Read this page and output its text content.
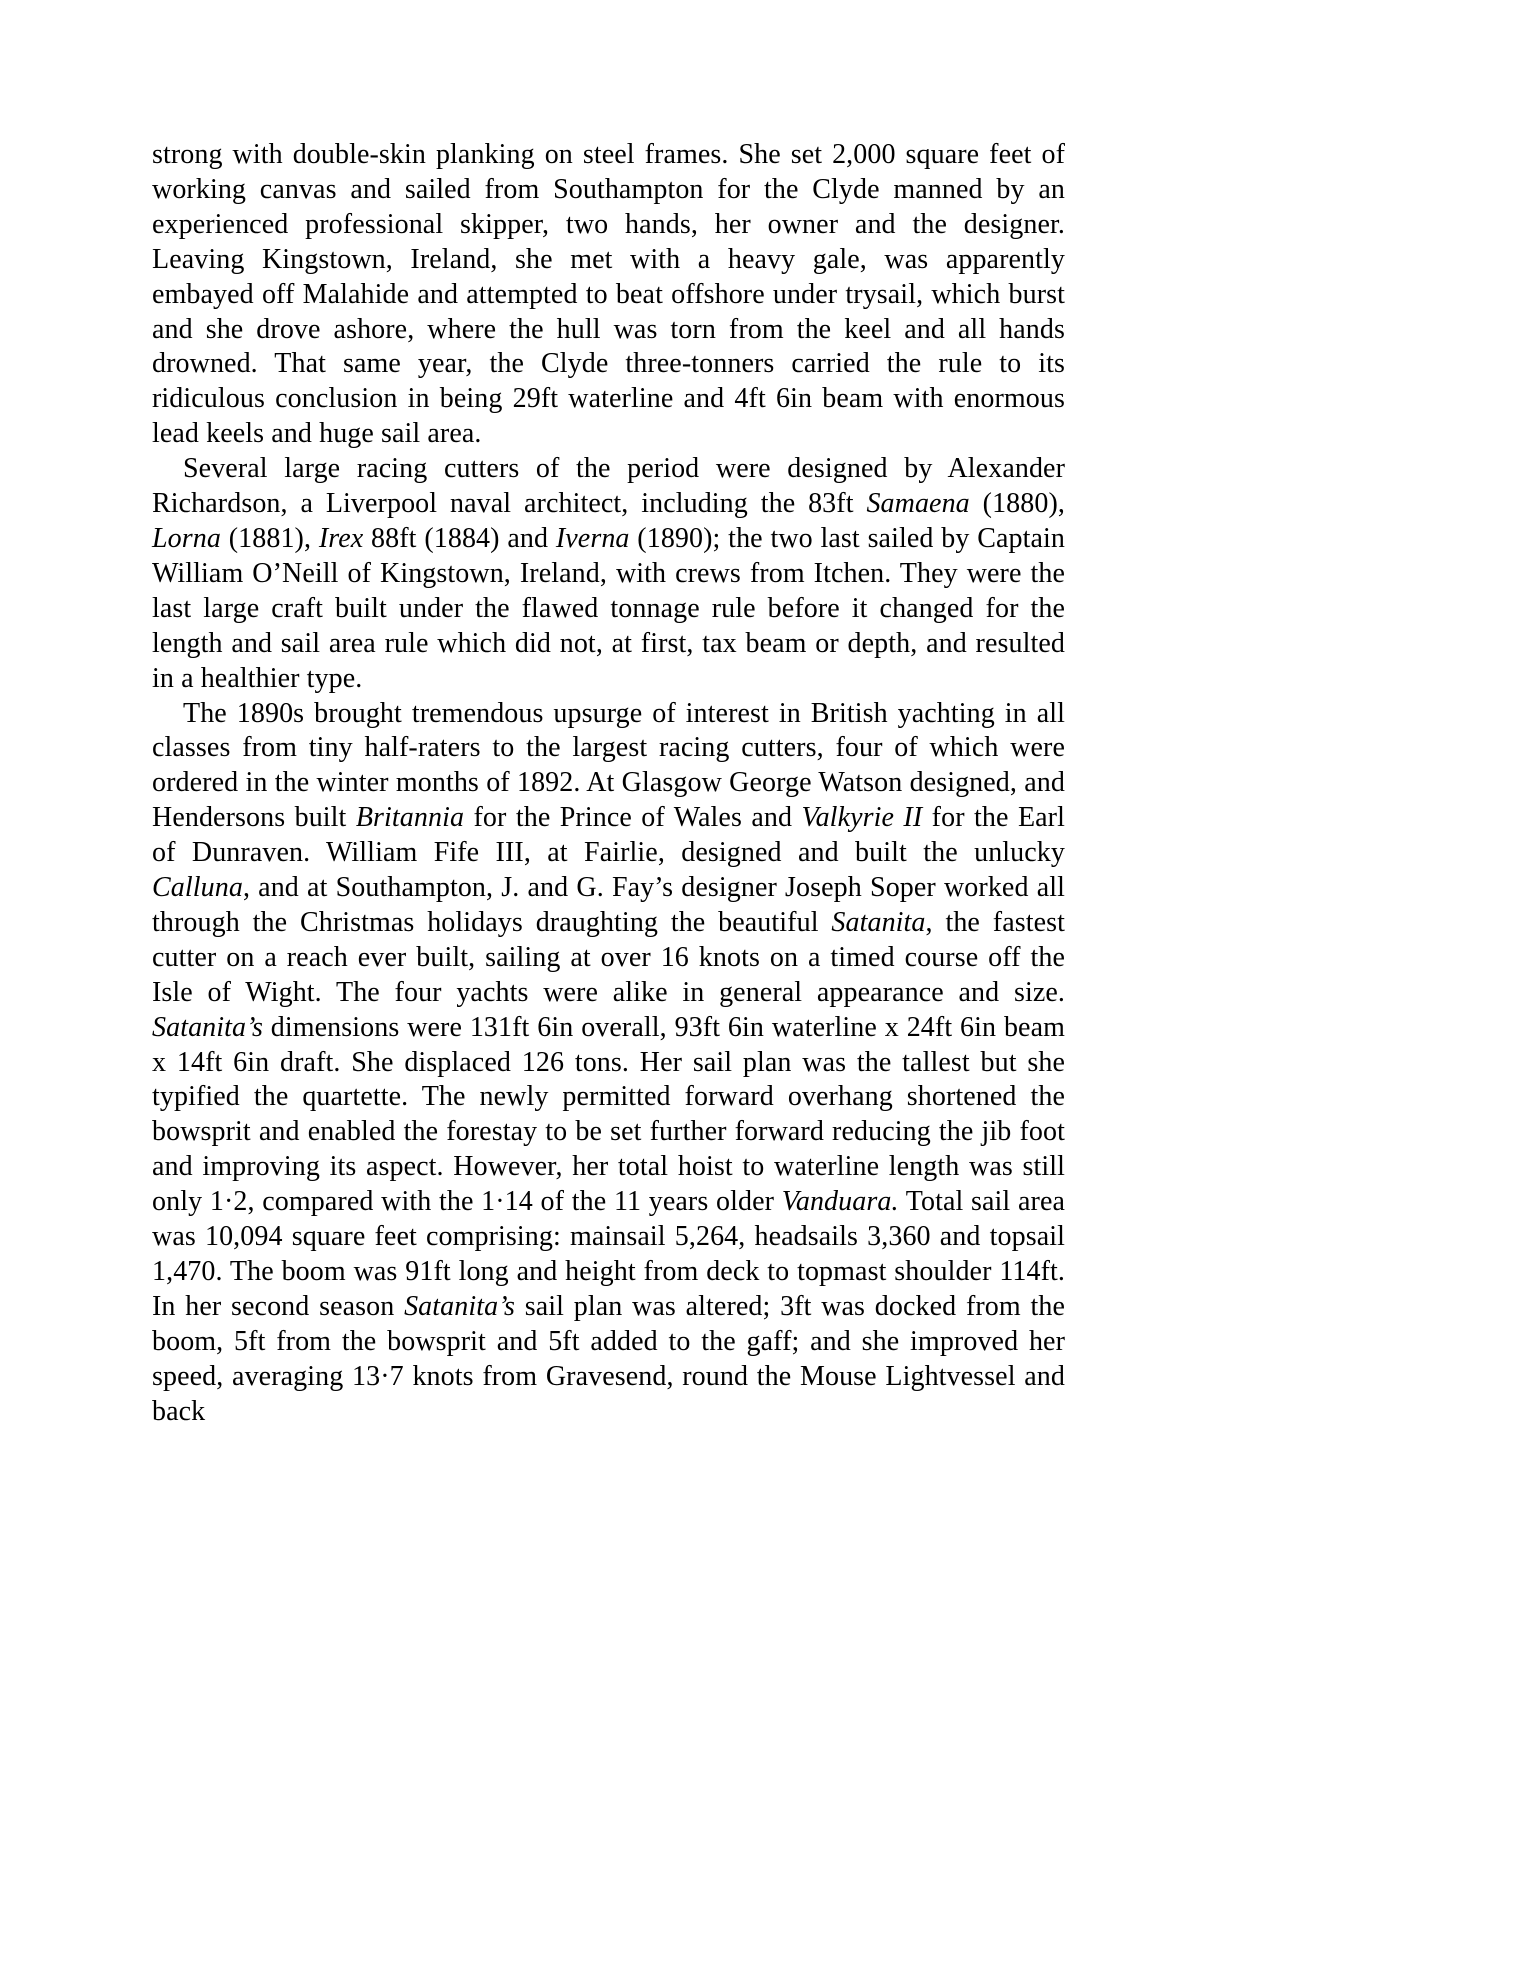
strong with double-skin planking on steel frames. She set 2,000 square feet of working canvas and sailed from Southampton for the Clyde manned by an experienced professional skipper, two hands, her owner and the designer. Leaving Kingstown, Ireland, she met with a heavy gale, was apparently embayed off Malahide and attempted to beat offshore under trysail, which burst and she drove ashore, where the hull was torn from the keel and all hands drowned. That same year, the Clyde three-tonners carried the rule to its ridiculous conclusion in being 29ft waterline and 4ft 6in beam with enormous lead keels and huge sail area.

Several large racing cutters of the period were designed by Alexander Richardson, a Liverpool naval architect, including the 83ft Samaena (1880), Lorna (1881), Irex 88ft (1884) and Iverna (1890); the two last sailed by Captain William O’Neill of Kingstown, Ireland, with crews from Itchen. They were the last large craft built under the flawed tonnage rule before it changed for the length and sail area rule which did not, at first, tax beam or depth, and resulted in a healthier type.

The 1890s brought tremendous upsurge of interest in British yachting in all classes from tiny half-raters to the largest racing cutters, four of which were ordered in the winter months of 1892. At Glasgow George Watson designed, and Hendersons built Britannia for the Prince of Wales and Valkyrie II for the Earl of Dunraven. William Fife III, at Fairlie, designed and built the unlucky Calluna, and at Southampton, J. and G. Fay’s designer Joseph Soper worked all through the Christmas holidays draughting the beautiful Satanita, the fastest cutter on a reach ever built, sailing at over 16 knots on a timed course off the Isle of Wight. The four yachts were alike in general appearance and size. Satanita’s dimensions were 131ft 6in overall, 93ft 6in waterline x 24ft 6in beam x 14ft 6in draft. She displaced 126 tons. Her sail plan was the tallest but she typified the quartette. The newly permitted forward overhang shortened the bowsprit and enabled the forestay to be set further forward reducing the jib foot and improving its aspect. However, her total hoist to waterline length was still only 1·2, compared with the 1·14 of the 11 years older Vanduara. Total sail area was 10,094 square feet comprising: mainsail 5,264, headsails 3,360 and topsail 1,470. The boom was 91ft long and height from deck to topmast shoulder 114ft. In her second season Satanita’s sail plan was altered; 3ft was docked from the boom, 5ft from the bowsprit and 5ft added to the gaff; and she improved her speed, averaging 13·7 knots from Gravesend, round the Mouse Lightvessel and back
